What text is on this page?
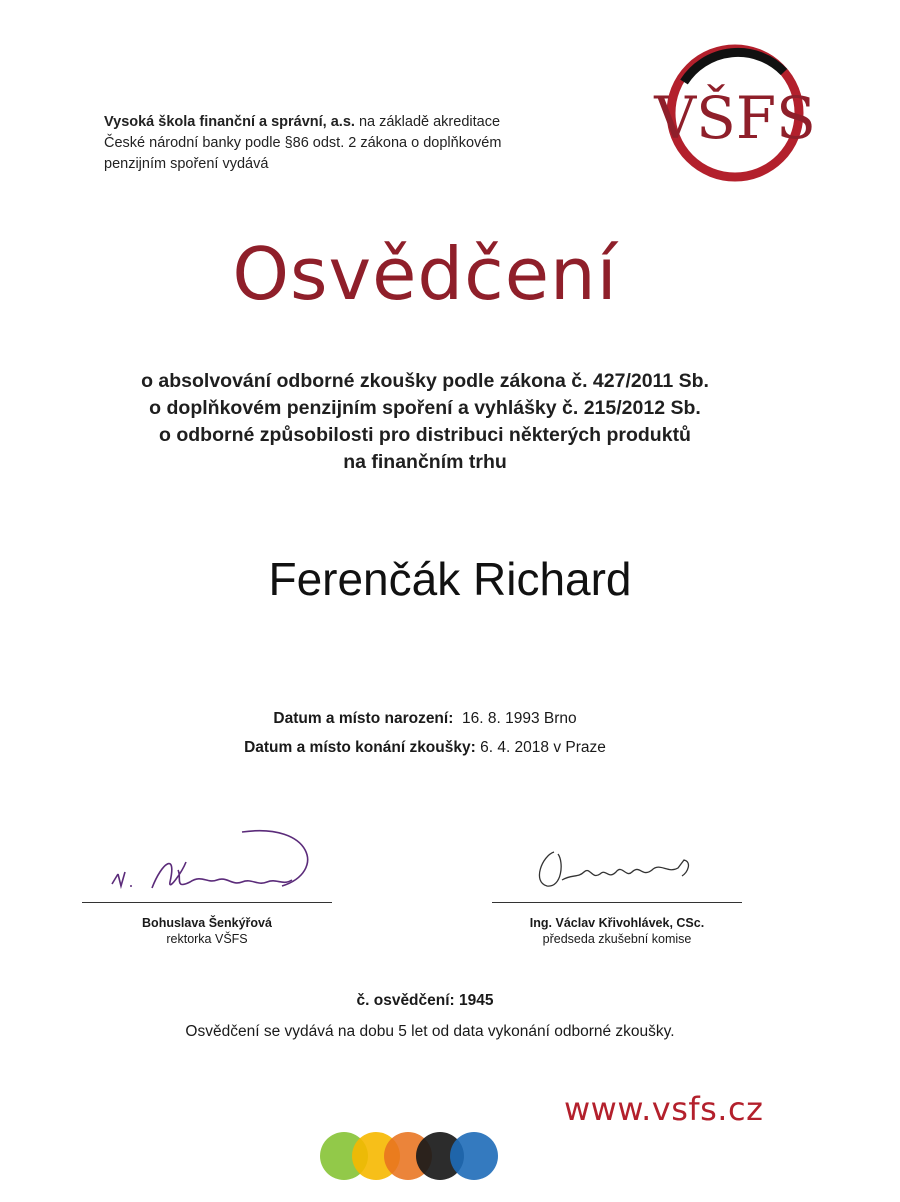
Vysoká škola finanční a správní, a.s. na základě akreditace
České národní banky podle §86 odst. 2 zákona o doplňkovém
penzijním spoření vydává
VŠFS
Osvědčení
o absolvování odborné zkoušky podle zákona č. 427/2011 Sb.
o doplňkovém penzijním spoření a vyhlášky č. 215/2012 Sb.
o odborné způsobilosti pro distribuci některých produktů
na finančním trhu
Ferenčák Richard
Datum a místo narození: 16. 8. 1993 Brno
Datum a místo konání zkoušky: 6. 4. 2018 v Praze
Bohuslava Šenkýřová
rektorka VŠFS
Ing. Václav Křivohlávek, CSc.
předseda zkušební komise
č. osvědčení: 1945
Osvědčení se vydává na dobu 5 let od data vykonání odborné zkoušky.
www.vsfs.cz
